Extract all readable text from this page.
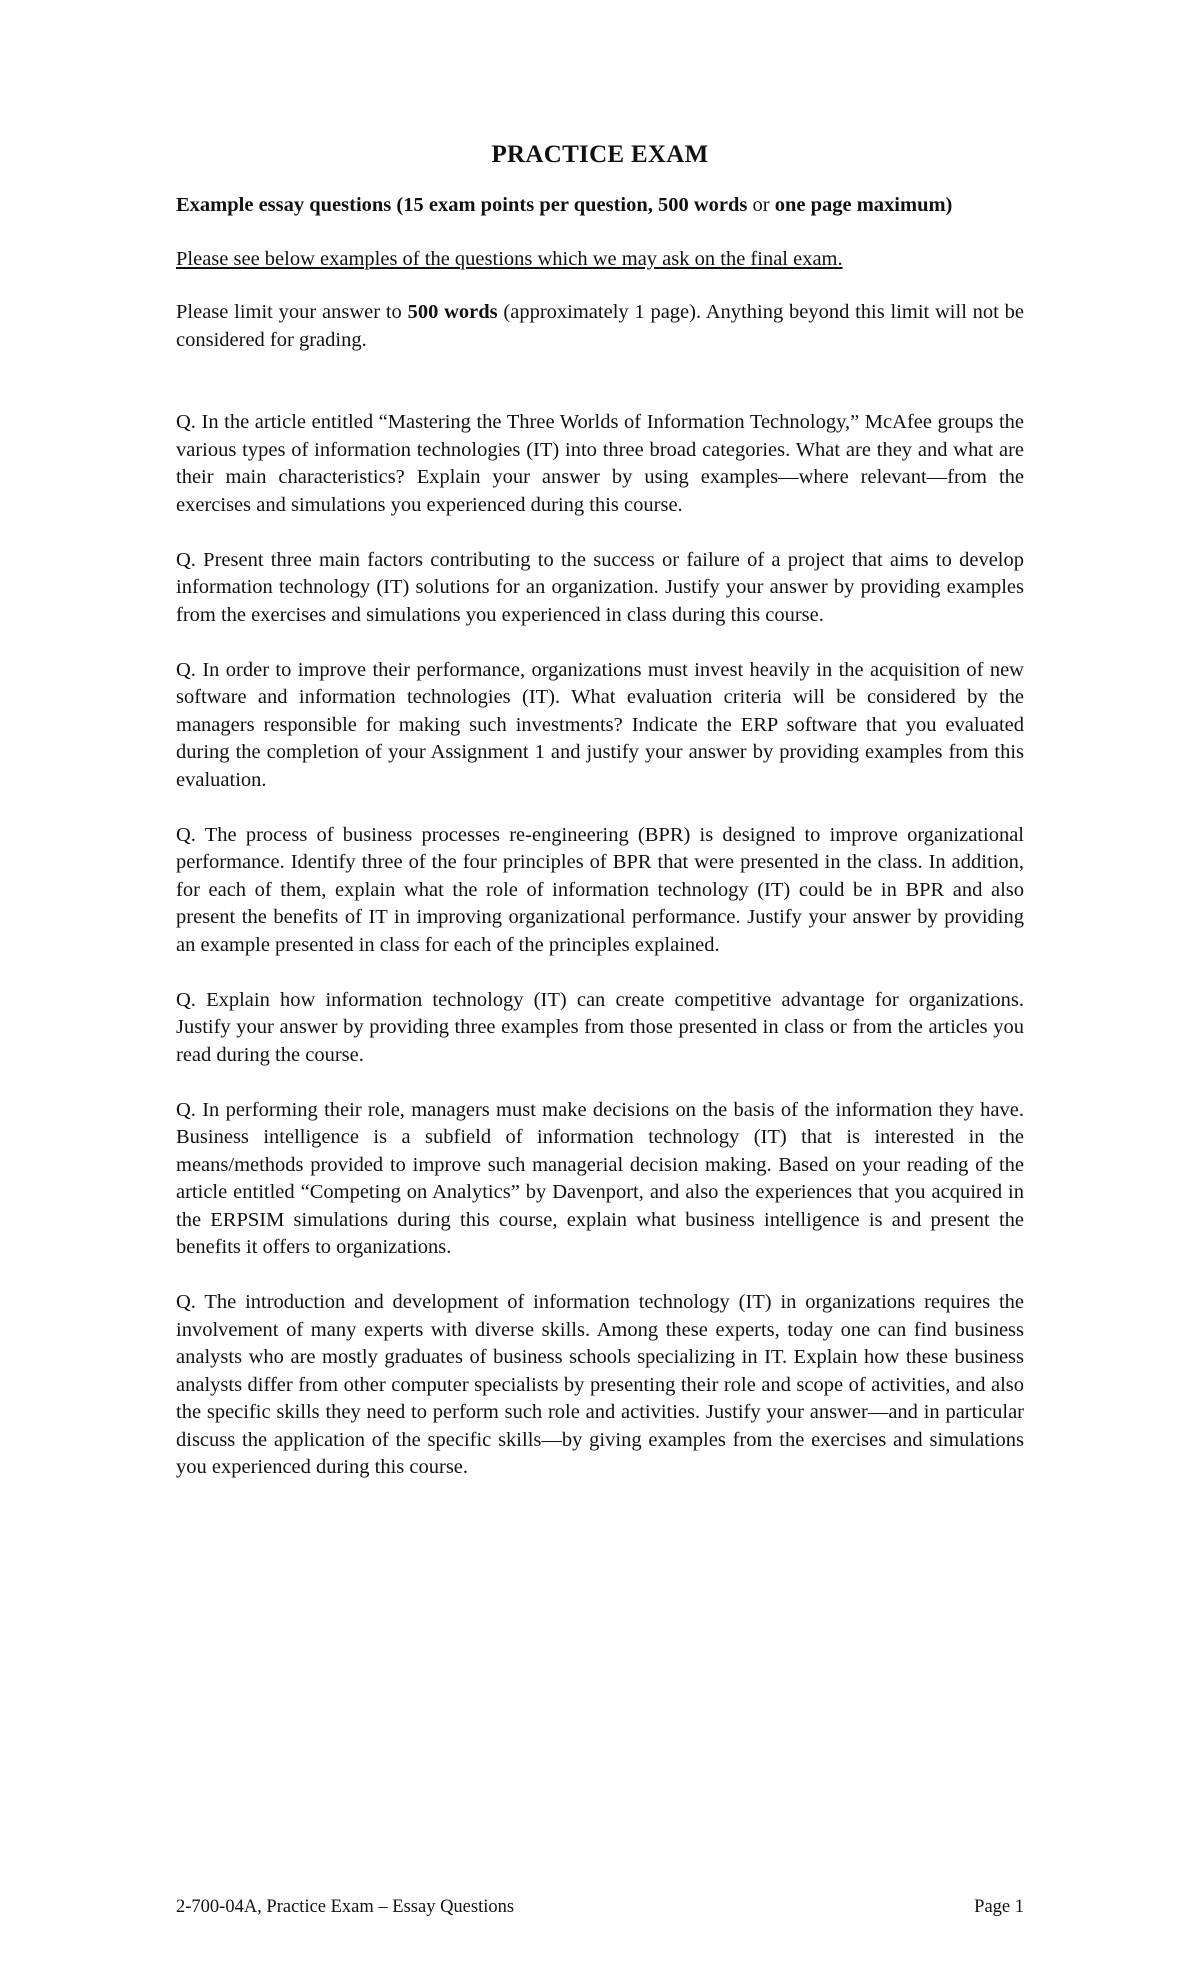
PRACTICE EXAM
Example essay questions (15 exam points per question, 500 words or one page maximum)
Please see below examples of the questions which we may ask on the final exam.
Please limit your answer to 500 words (approximately 1 page). Anything beyond this limit will not be considered for grading.
Q. In the article entitled “Mastering the Three Worlds of Information Technology,” McAfee groups the various types of information technologies (IT) into three broad categories. What are they and what are their main characteristics? Explain your answer by using examples—where relevant—from the exercises and simulations you experienced during this course.
Q. Present three main factors contributing to the success or failure of a project that aims to develop information technology (IT) solutions for an organization. Justify your answer by providing examples from the exercises and simulations you experienced in class during this course.
Q. In order to improve their performance, organizations must invest heavily in the acquisition of new software and information technologies (IT). What evaluation criteria will be considered by the managers responsible for making such investments? Indicate the ERP software that you evaluated during the completion of your Assignment 1 and justify your answer by providing examples from this evaluation.
Q. The process of business processes re-engineering (BPR) is designed to improve organizational performance. Identify three of the four principles of BPR that were presented in the class. In addition, for each of them, explain what the role of information technology (IT) could be in BPR and also present the benefits of IT in improving organizational performance. Justify your answer by providing an example presented in class for each of the principles explained.
Q. Explain how information technology (IT) can create competitive advantage for organizations. Justify your answer by providing three examples from those presented in class or from the articles you read during the course.
Q. In performing their role, managers must make decisions on the basis of the information they have. Business intelligence is a subfield of information technology (IT) that is interested in the means/methods provided to improve such managerial decision making. Based on your reading of the article entitled “Competing on Analytics” by Davenport, and also the experiences that you acquired in the ERPSIM simulations during this course, explain what business intelligence is and present the benefits it offers to organizations.
Q. The introduction and development of information technology (IT) in organizations requires the involvement of many experts with diverse skills. Among these experts, today one can find business analysts who are mostly graduates of business schools specializing in IT. Explain how these business analysts differ from other computer specialists by presenting their role and scope of activities, and also the specific skills they need to perform such role and activities. Justify your answer—and in particular discuss the application of the specific skills—by giving examples from the exercises and simulations you experienced during this course.
2-700-04A, Practice Exam – Essay Questions	Page 1
